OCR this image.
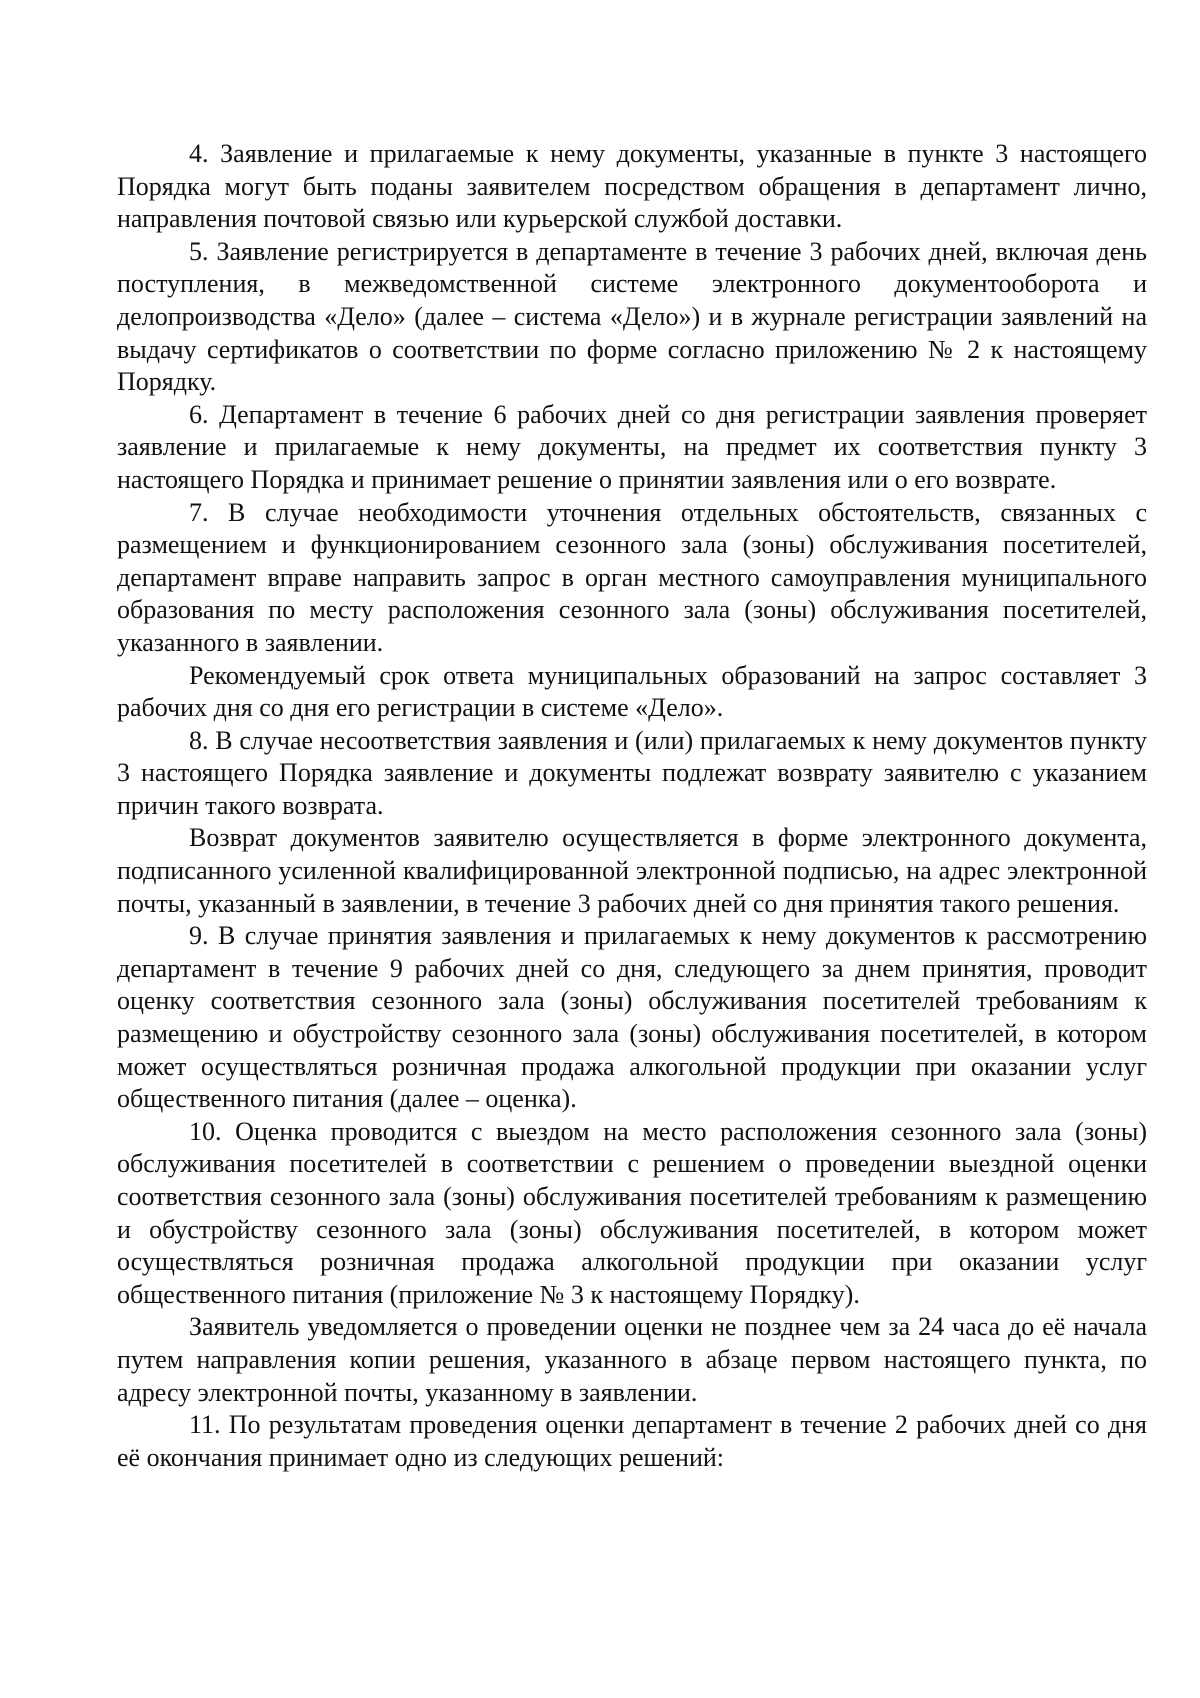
4. Заявление и прилагаемые к нему документы, указанные в пункте 3 настоящего Порядка могут быть поданы заявителем посредством обращения в департамент лично, направления почтовой связью или курьерской службой доставки.

5. Заявление регистрируется в департаменте в течение 3 рабочих дней, включая день поступления, в межведомственной системе электронного документооборота и делопроизводства «Дело» (далее – система «Дело») и в журнале регистрации заявлений на выдачу сертификатов о соответствии по форме согласно приложению № 2 к настоящему Порядку.

6. Департамент в течение 6 рабочих дней со дня регистрации заявления проверяет заявление и прилагаемые к нему документы, на предмет их соответствия пункту 3 настоящего Порядка и принимает решение о принятии заявления или о его возврате.

7. В случае необходимости уточнения отдельных обстоятельств, связанных с размещением и функционированием сезонного зала (зоны) обслуживания посетителей, департамент вправе направить запрос в орган местного самоуправления муниципального образования по месту расположения сезонного зала (зоны) обслуживания посетителей, указанного в заявлении.

Рекомендуемый срок ответа муниципальных образований на запрос составляет 3 рабочих дня со дня его регистрации в системе «Дело».

8. В случае несоответствия заявления и (или) прилагаемых к нему документов пункту 3 настоящего Порядка заявление и документы подлежат возврату заявителю с указанием причин такого возврата.

Возврат документов заявителю осуществляется в форме электронного документа, подписанного усиленной квалифицированной электронной подписью, на адрес электронной почты, указанный в заявлении, в течение 3 рабочих дней со дня принятия такого решения.

9. В случае принятия заявления и прилагаемых к нему документов к рассмотрению департамент в течение 9 рабочих дней со дня, следующего за днем принятия, проводит оценку соответствия сезонного зала (зоны) обслуживания посетителей требованиям к размещению и обустройству сезонного зала (зоны) обслуживания посетителей, в котором может осуществляться розничная продажа алкогольной продукции при оказании услуг общественного питания (далее – оценка).

10. Оценка проводится с выездом на место расположения сезонного зала (зоны) обслуживания посетителей в соответствии с решением о проведении выездной оценки соответствия сезонного зала (зоны) обслуживания посетителей требованиям к размещению и обустройству сезонного зала (зоны) обслуживания посетителей, в котором может осуществляться розничная продажа алкогольной продукции при оказании услуг общественного питания (приложение № 3 к настоящему Порядку).

Заявитель уведомляется о проведении оценки не позднее чем за 24 часа до её начала путем направления копии решения, указанного в абзаце первом настоящего пункта, по адресу электронной почты, указанному в заявлении.

11. По результатам проведения оценки департамент в течение 2 рабочих дней со дня её окончания принимает одно из следующих решений:
